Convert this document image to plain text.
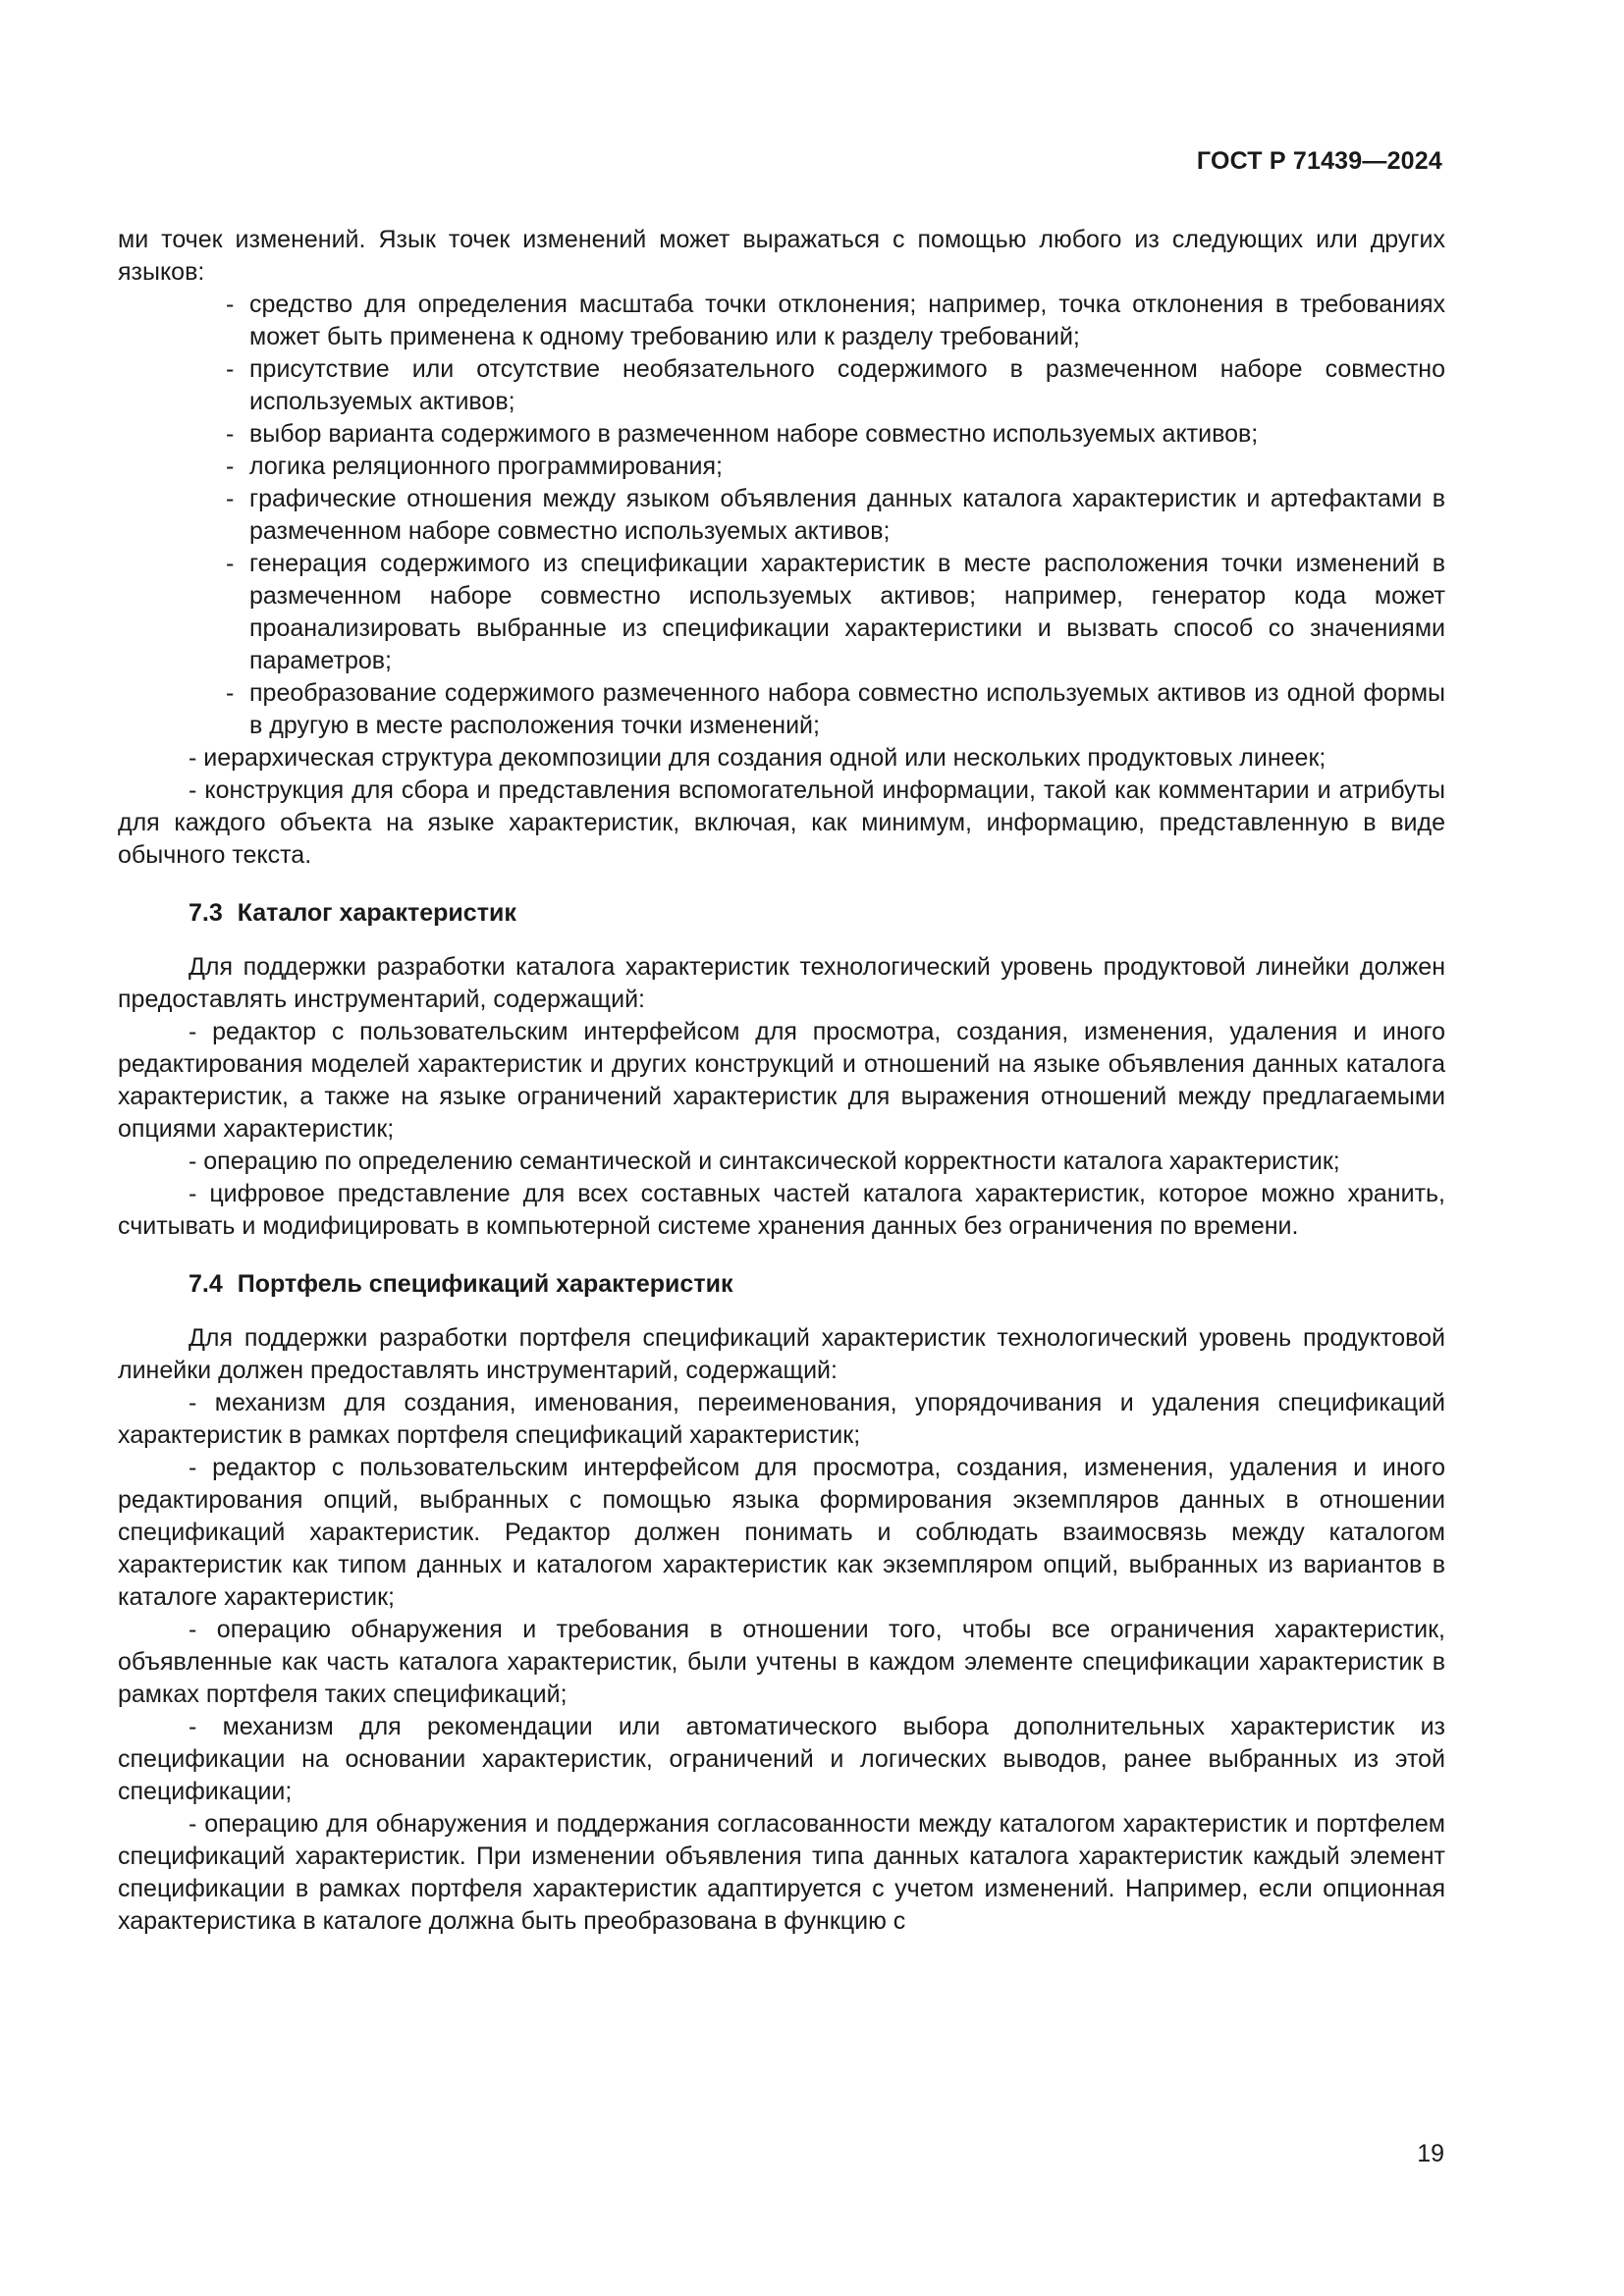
ГОСТ Р 71439—2024

ми точек изменений. Язык точек изменений может выражаться с помощью любого из следующих или других языков:

- средство для определения масштаба точки отклонения; например, точка отклонения в требованиях может быть применена к одному требованию или к разделу требований;
- присутствие или отсутствие необязательного содержимого в размеченном наборе совместно используемых активов;
- выбор варианта содержимого в размеченном наборе совместно используемых активов;
- логика реляционного программирования;
- графические отношения между языком объявления данных каталога характеристик и артефактами в размеченном наборе совместно используемых активов;
- генерация содержимого из спецификации характеристик в месте расположения точки изменений в размеченном наборе совместно используемых активов; например, генератор кода может проанализировать выбранные из спецификации характеристики и вызвать способ со значениями параметров;
- преобразование содержимого размеченного набора совместно используемых активов из одной формы в другую в месте расположения точки изменений;

- иерархическая структура декомпозиции для создания одной или нескольких продуктовых линеек;

- конструкция для сбора и представления вспомогательной информации, такой как комментарии и атрибуты для каждого объекта на языке характеристик, включая, как минимум, информацию, представленную в виде обычного текста.

7.3 Каталог характеристик

Для поддержки разработки каталога характеристик технологический уровень продуктовой линейки должен предоставлять инструментарий, содержащий:

- редактор с пользовательским интерфейсом для просмотра, создания, изменения, удаления и иного редактирования моделей характеристик и других конструкций и отношений на языке объявления данных каталога характеристик, а также на языке ограничений характеристик для выражения отношений между предлагаемыми опциями характеристик;

- операцию по определению семантической и синтаксической корректности каталога характеристик;

- цифровое представление для всех составных частей каталога характеристик, которое можно хранить, считывать и модифицировать в компьютерной системе хранения данных без ограничения по времени.

7.4 Портфель спецификаций характеристик

Для поддержки разработки портфеля спецификаций характеристик технологический уровень продуктовой линейки должен предоставлять инструментарий, содержащий:

- механизм для создания, именования, переименования, упорядочивания и удаления спецификаций характеристик в рамках портфеля спецификаций характеристик;

- редактор с пользовательским интерфейсом для просмотра, создания, изменения, удаления и иного редактирования опций, выбранных с помощью языка формирования экземпляров данных в отношении спецификаций характеристик. Редактор должен понимать и соблюдать взаимосвязь между каталогом характеристик как типом данных и каталогом характеристик как экземпляром опций, выбранных из вариантов в каталоге характеристик;

- операцию обнаружения и требования в отношении того, чтобы все ограничения характеристик, объявленные как часть каталога характеристик, были учтены в каждом элементе спецификации характеристик в рамках портфеля таких спецификаций;

- механизм для рекомендации или автоматического выбора дополнительных характеристик из спецификации на основании характеристик, ограничений и логических выводов, ранее выбранных из этой спецификации;

- операцию для обнаружения и поддержания согласованности между каталогом характеристик и портфелем спецификаций характеристик. При изменении объявления типа данных каталога характеристик каждый элемент спецификации в рамках портфеля характеристик адаптируется с учетом изменений. Например, если опционная характеристика в каталоге должна быть преобразована в функцию с

19
